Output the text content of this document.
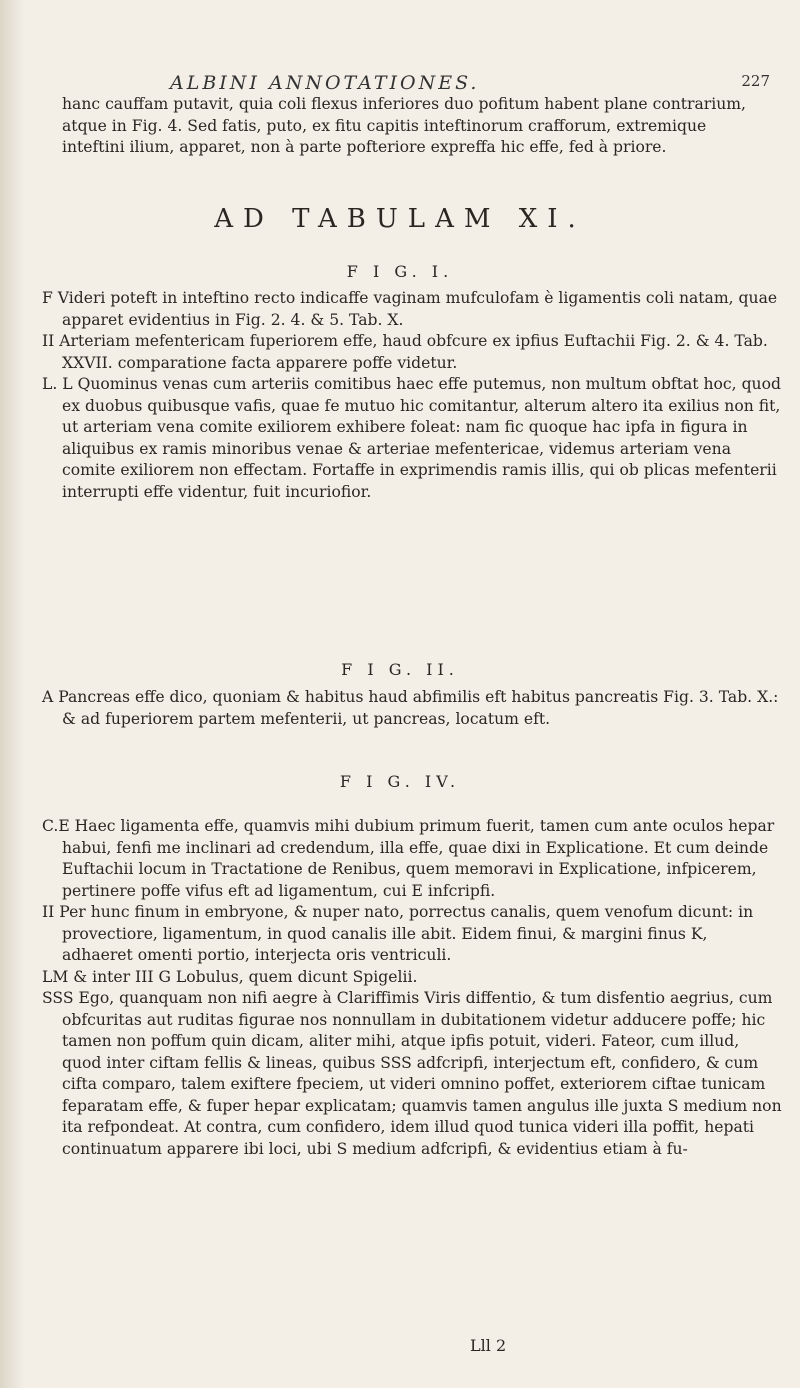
ALBINI ANNOTATIONES.	227
hanc cauffam putavit, quia coli flexus inferiores duo pofitum habent plane contrarium, atque in Fig. 4. Sed fatis, puto, ex fitu capitis inteftinorum crafforum, extremique inteftini ilium, apparet, non à parte pofteriore expreffa hic effe, fed à priore.
AD TABULAM XI.
F I G. I.
F Videri poteft in inteftino recto indicaffe vaginam mufculofam è ligamentis coli natam, quae apparet evidentius in Fig. 2. 4. & 5. Tab. X.
II Arteriam mefentericam fuperiorem effe, haud obfcure ex ipfius Euftachii Fig. 2. & 4. Tab. XXVII. comparatione facta apparere poffe videtur.
L. L Quominus venas cum arteriis comitibus haec effe putemus, non multum obftat hoc, quod ex duobus quibusque vafis, quae fe mutuo hic comitantur, alterum altero ita exilius non fit, ut arteriam vena comite exiliorem exhibere foleat: nam fic quoque hac ipfa in figura in aliquibus ex ramis minoribus venae & arteriae mefentericae, videmus arteriam vena comite exiliorem non effectam. Fortaffe in exprimendis ramis illis, qui ob plicas mefenterii interrupti effe videntur, fuit incuriofior.
F I G. II.
A Pancreas effe dico, quoniam & habitus haud abfimilis eft habitus pancreatis Fig. 3. Tab. X.: & ad fuperiorem partem mefenterii, ut pancreas, locatum eft.
F I G. IV.
C.E Haec ligamenta effe, quamvis mihi dubium primum fuerit, tamen cum ante oculos hepar habui, fenfi me inclinari ad credendum, illa effe, quae dixi in Explicatione. Et cum deinde Euftachii locum in Tractatione de Renibus, quem memoravi in Explicatione, infpicerem, pertinere poffe vifus eft ad ligamentum, cui E infcripfi.
II Per hunc finum in embryone, & nuper nato, porrectus canalis, quem venofum dicunt: in provectiore, ligamentum, in quod canalis ille abit. Eidem finui, & margini finus K, adhaeret omenti portio, interjecta oris ventriculi.
LM & inter III G Lobulus, quem dicunt Spigelii.
SSS Ego, quanquam non nifi aegre à Clariffimis Viris diffentio, & tum disfentio aegrius, cum obfcuritas aut ruditas figurae nos nonnullam in dubitationem videtur adducere poffe; hic tamen non poffum quin dicam, aliter mihi, atque ipfis potuit, videri. Fateor, cum illud, quod inter ciftam fellis & lineas, quibus SSS adfcripfi, interjectum eft, confidero, & cum cifta comparo, talem exiftere fpeciem, ut videri omnino poffet, exteriorem ciftae tunicam feparatam effe, & fuper hepar explicatam; quamvis tamen angulus ille juxta S medium non ita refpondeat. At contra, cum confidero, idem illud quod tunica videri illa poffit, hepati continuatum apparere ibi loci, ubi S medium adfcripfi, & evidentius etiam à fu-
Lll 2
